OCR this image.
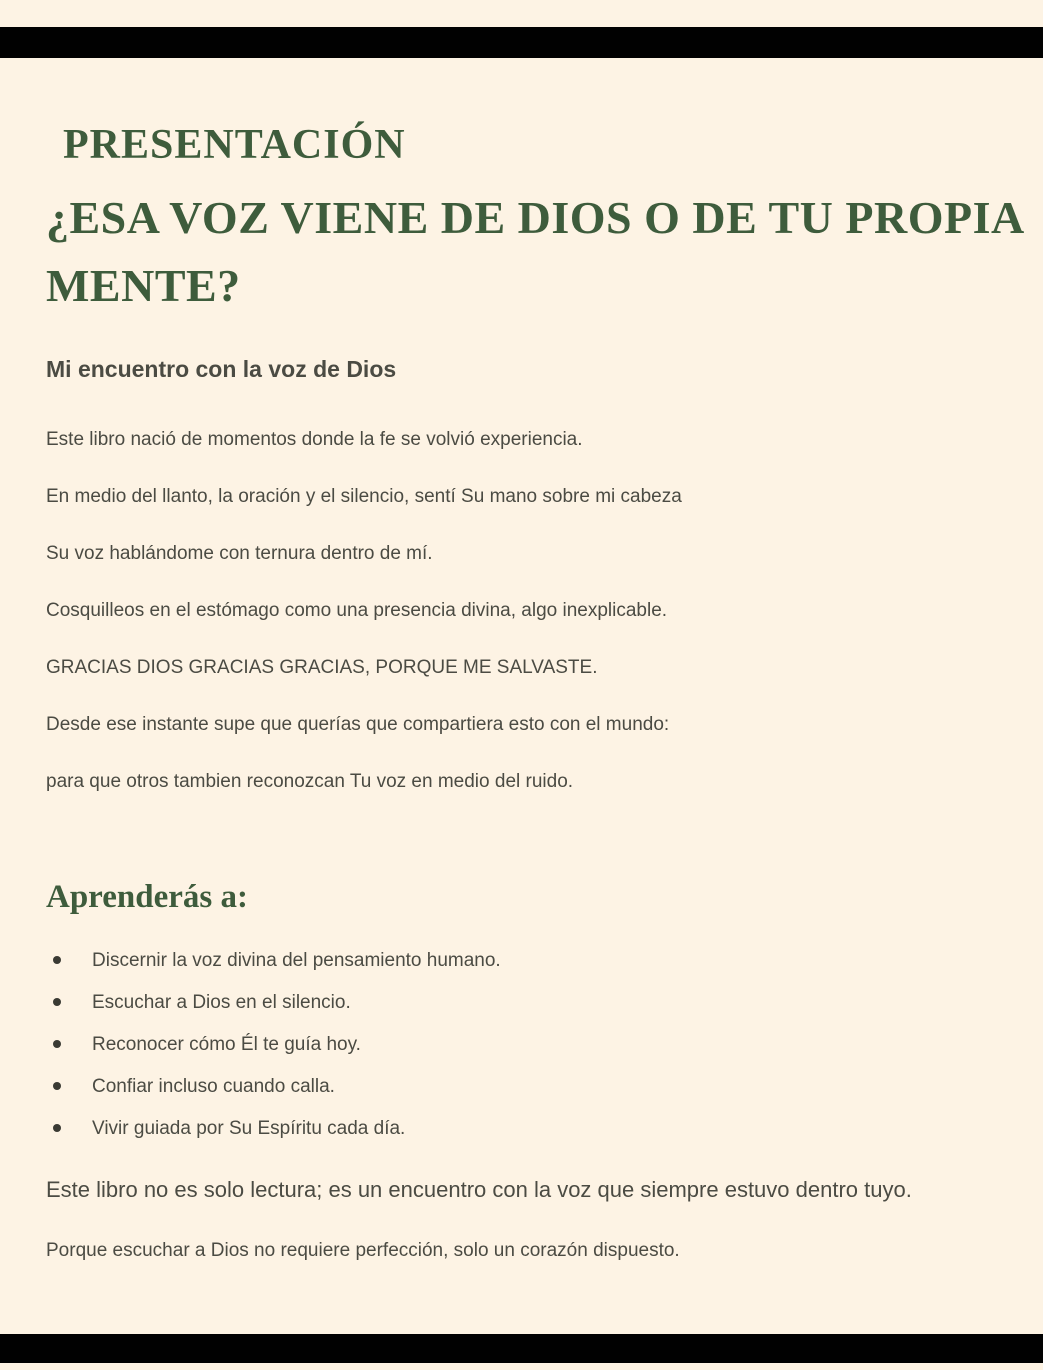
PRESENTACIÓN
¿ESA VOZ VIENE DE DIOS O DE TU PROPIA
MENTE?
Mi encuentro con la voz de Dios

Este libro nació de momentos donde la fe se volvió experiencia.

En medio del llanto, la oración y el silencio, sentí Su mano sobre mi cabeza

Su voz hablándome con ternura dentro de mí.

Cosquilleos en el estómago como una presencia divina, algo inexplicable.

GRACIAS DIOS GRACIAS GRACIAS, PORQUE ME SALVASTE.

Desde ese instante supe que querías que compartiera esto con el mundo:

para que otros tambien reconozcan Tu voz en medio del ruido.

Aprenderás a:
Discernir la voz divina del pensamiento humano.
Escuchar a Dios en el silencio.
Reconocer cómo Él te guía hoy.
Confiar incluso cuando calla.
Vivir guiada por Su Espíritu cada día.

Este libro no es solo lectura; es un encuentro con la voz que siempre estuvo dentro tuyo.

Porque escuchar a Dios no requiere perfección, solo un corazón dispuesto.
